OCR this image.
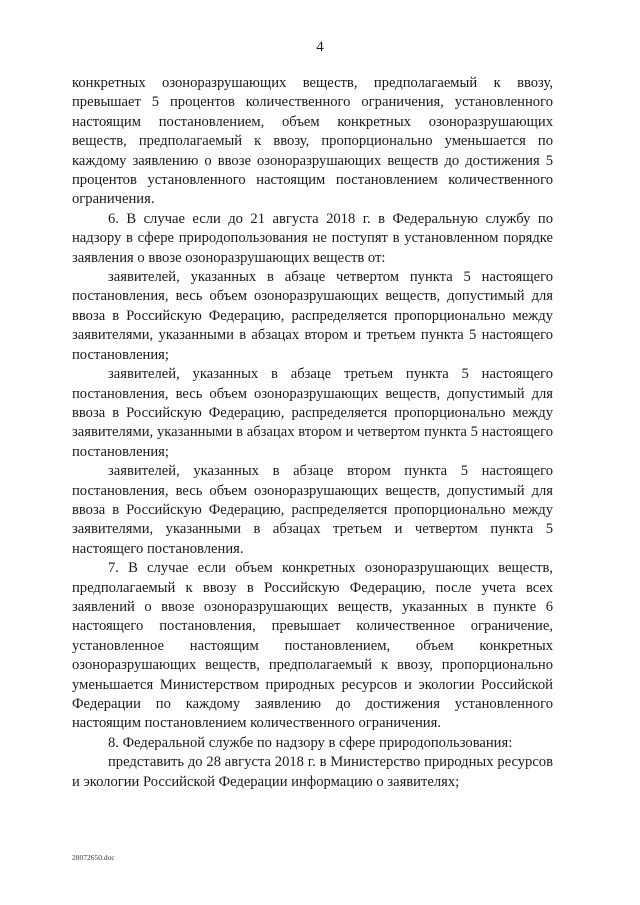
4

конкретных озоноразрушающих веществ, предполагаемый к ввозу, превышает 5 процентов количественного ограничения, установленного настоящим постановлением, объем конкретных озоноразрушающих веществ, предполагаемый к ввозу, пропорционально уменьшается по каждому заявлению о ввозе озоноразрушающих веществ до достижения 5 процентов установленного настоящим постановлением количественного ограничения.

6. В случае если до 21 августа 2018 г. в Федеральную службу по надзору в сфере природопользования не поступят в установленном порядке заявления о ввозе озоноразрушающих веществ от:

заявителей, указанных в абзаце четвертом пункта 5 настоящего постановления, весь объем озоноразрушающих веществ, допустимый для ввоза в Российскую Федерацию, распределяется пропорционально между заявителями, указанными в абзацах втором и третьем пункта 5 настоящего постановления;

заявителей, указанных в абзаце третьем пункта 5 настоящего постановления, весь объем озоноразрушающих веществ, допустимый для ввоза в Российскую Федерацию, распределяется пропорционально между заявителями, указанными в абзацах втором и четвертом пункта 5 настоящего постановления;

заявителей, указанных в абзаце втором пункта 5 настоящего постановления, весь объем озоноразрушающих веществ, допустимый для ввоза в Российскую Федерацию, распределяется пропорционально между заявителями, указанными в абзацах третьем и четвертом пункта 5 настоящего постановления.

7. В случае если объем конкретных озоноразрушающих веществ, предполагаемый к ввозу в Российскую Федерацию, после учета всех заявлений о ввозе озоноразрушающих веществ, указанных в пункте 6 настоящего постановления, превышает количественное ограничение, установленное настоящим постановлением, объем конкретных озоноразрушающих веществ, предполагаемый к ввозу, пропорционально уменьшается Министерством природных ресурсов и экологии Российской Федерации по каждому заявлению до достижения установленного настоящим постановлением количественного ограничения.

8. Федеральной службе по надзору в сфере природопользования:

представить до 28 августа 2018 г. в Министерство природных ресурсов и экологии Российской Федерации информацию о заявителях;

28072650.doc
